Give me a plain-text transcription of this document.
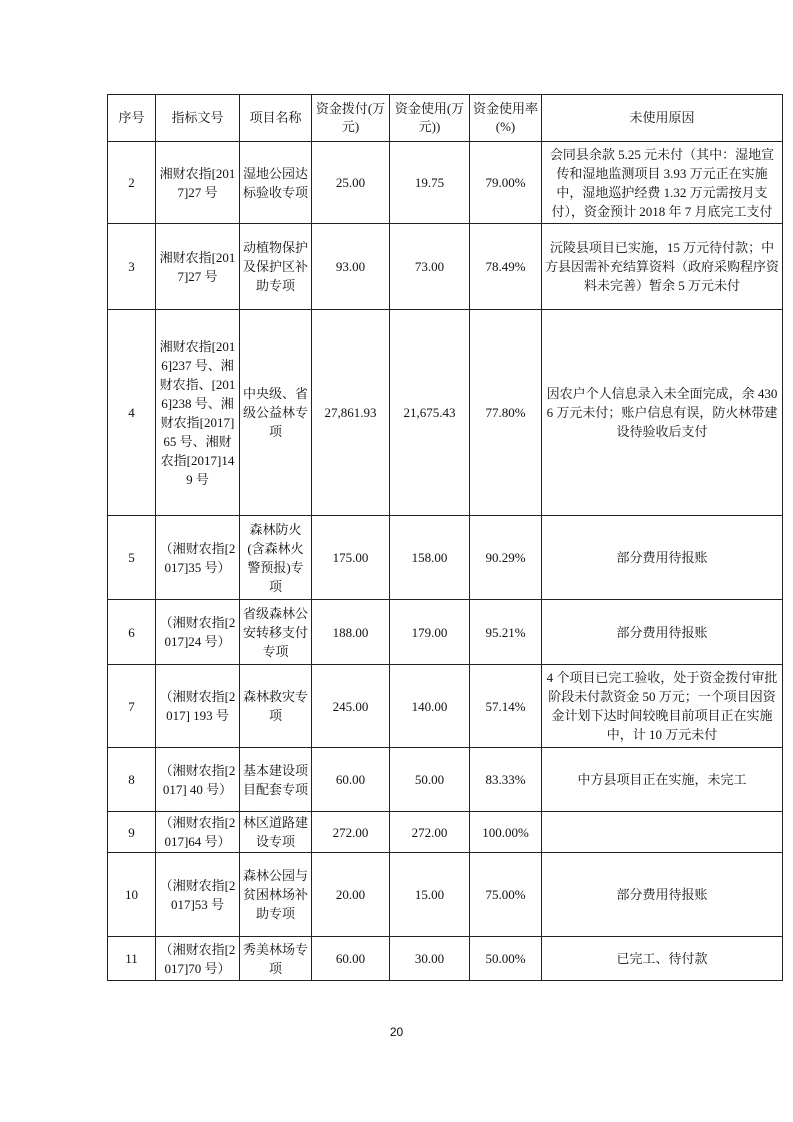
序号	指标文号	项目名称	资金拨付(万元)	资金使用(万元))	资金使用率(%)	未使用原因
2	湘财农指[2017]27 号	湿地公园达标验收专项	25.00	19.75	79.00%	会同县余款 5.25 元未付（其中：湿地宣传和湿地监测项目 3.93 万元正在实施中，湿地巡护经费 1.32 万元需按月支付），资金预计 2018 年 7 月底完工支付
3	湘财农指[2017]27 号	动植物保护及保护区补助专项	93.00	73.00	78.49%	沅陵县项目已实施，15 万元待付款；中方县因需补充结算资料（政府采购程序资料未完善）暂余 5 万元未付
4	湘财农指[2016]237 号、湘财农指、[2016]238 号、湘财农指[2017]65 号、湘财农指[2017]149 号	中央级、省级公益林专项	27,861.93	21,675.43	77.80%	因农户个人信息录入未全面完成，余 4306 万元未付；账户信息有误，防火林带建设待验收后支付
5	（湘财农指[2017]35 号）	森林防火(含森林火警预报)专项	175.00	158.00	90.29%	部分费用待报账
6	（湘财农指[2017]24 号）	省级森林公安转移支付专项	188.00	179.00	95.21%	部分费用待报账
7	（湘财农指[2017] 193 号	森林救灾专项	245.00	140.00	57.14%	4 个项目已完工验收，处于资金拨付审批阶段未付款资金 50 万元；一个项目因资金计划下达时间较晚目前项目正在实施中，计 10 万元未付
8	（湘财农指[2017] 40 号）	基本建设项目配套专项	60.00	50.00	83.33%	中方县项目正在实施，未完工
9	（湘财农指[2017]64 号）	林区道路建设专项	272.00	272.00	100.00%	
10	（湘财农指[2017]53 号	森林公园与贫困林场补助专项	20.00	15.00	75.00%	部分费用待报账
11	（湘财农指[2017]70 号）	秀美林场专项	60.00	30.00	50.00%	已完工、待付款
20
